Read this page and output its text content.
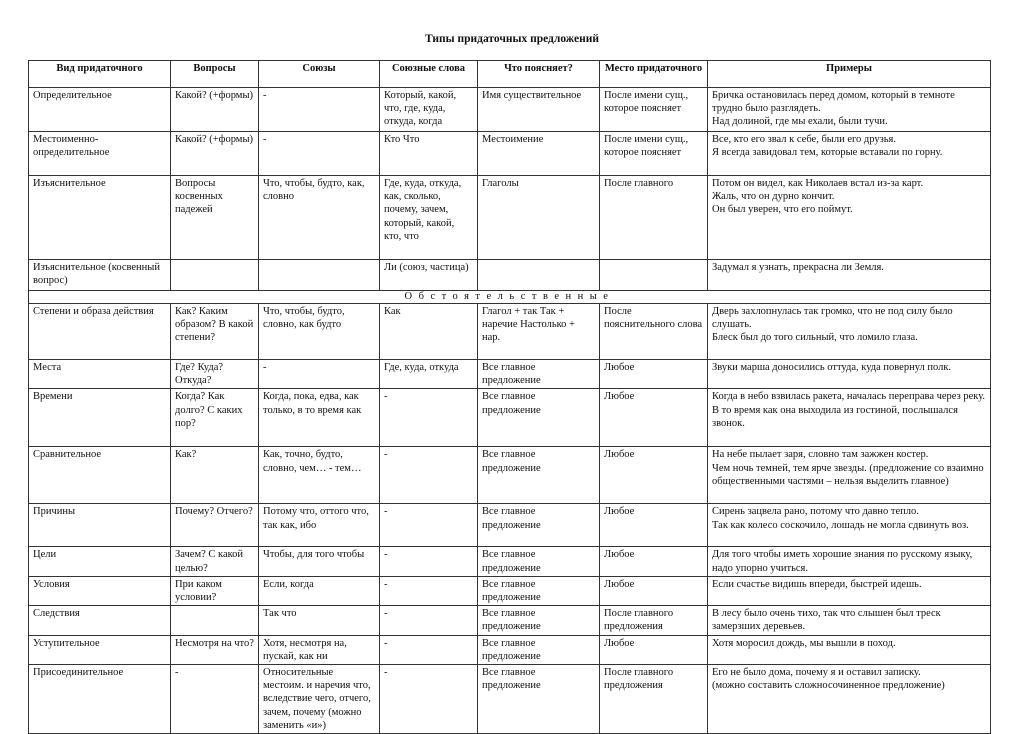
Типы придаточных предложений
Вид придаточного	Вопросы	Союзы	Союзные слова	Что поясняет?	Место придаточного	Примеры
Определительное	Какой? (+формы)	-	Который, какой, что, где, куда, откуда, когда	Имя существительное	После имени сущ., которое поясняет	Бричка остановилась перед домом, который в темноте трудно было разглядеть.
Над долиной, где мы ехали, были тучи.

Местоименно-определительное	Какой? (+формы)	-	Кто Что	Местоимение	После имени сущ., которое поясняет	Все, кто его звал к себе, были его друзья.
Я всегда завидовал тем, которые вставали по горну.

Изъяснительное	Вопросы косвенных падежей	Что, чтобы, будто, как, словно	Где, куда, откуда, как, сколько, почему, зачем, который, какой, кто, что	Глаголы	После главного	Потом он видел, как Николаев встал из-за карт.
Жаль, что он дурно кончит.
Он был уверен, что его поймут.

Изъяснительное (косвенный вопрос)			Ли (союз, частица)			Задумал я узнать, прекрасна ли Земля.

Обстоятельственные						
Степени и образа действия	Как? Каким образом? В какой степени?	Что, чтобы, будто, словно, как будто	Как	Глагол + так Так + наречие Настолько + нар.	После пояснительного слова	Дверь захлопнулась так громко, что не под силу было слушать.
Блеск был до того сильный, что ломило глаза.

Места	Где? Куда? Откуда?	-	Где, куда, откуда	Все главное предложение	Любое	Звуки марша доносились оттуда, куда повернул полк.

Времени	Когда? Как долго? С каких пор?	Когда, пока, едва, как только, в то время как	-	Все главное предложение	Любое	Когда в небо взвилась ракета, началась переправа через реку.
В то время как она выходила из гостиной, послышался звонок.

Сравнительное	Как?	Как, точно, будто, словно, чем… - тем…	-	Все главное предложение	Любое	На небе пылает заря, словно там зажжен костер.
Чем ночь темней, тем ярче звезды. (предложение со взаимно общественными частями – нельзя выделить главное)

Причины	Почему? Отчего?	Потому что, оттого что, так как, ибо	-	Все главное предложение	Любое	Сирень зацвела рано, потому что давно тепло.
Так как колесо соскочило, лошадь не могла сдвинуть воз.

Цели	Зачем? С какой целью?	Чтобы, для того чтобы	-	Все главное предложение	Любое	Для того чтобы иметь хорошие знания по русскому языку, надо упорно учиться.

Условия	При каком условии?	Если, когда	-	Все главное предложение	Любое	Если счастье видишь впереди, быстрей идешь.

Следствия		Так что	-	Все главное предложение	После главного предложения	В лесу было очень тихо, так что слышен был треск замерзших деревьев.

Уступительное	Несмотря на что?	Хотя, несмотря на, пускай, как ни	-	Все главное предложение	Любое	Хотя моросил дождь, мы вышли в поход.

Присоединительное	-	Относительные местоим. и наречия что, вследствие чего, отчего, зачем, почему (можно заменить «и»)	-	Все главное предложение	После главного предложения	Его не было дома, почему я и оставил записку.
(можно составить сложносочиненное предложение)
